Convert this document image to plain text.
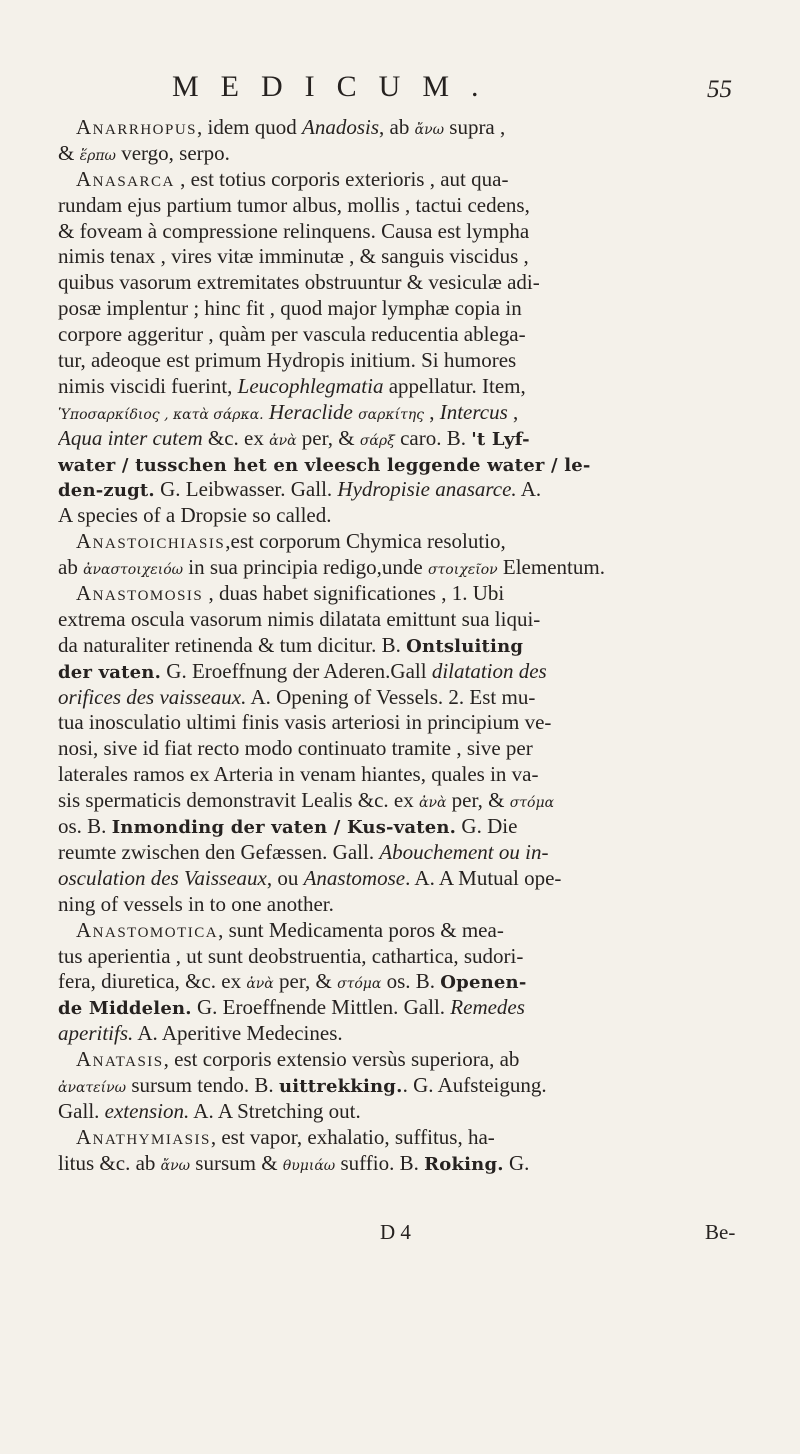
MEDICUM.	55
Anarrhopus, idem quod Anadosis, ab ἄνω supra ,
& ἕρπω vergo, serpo.
Anasarca , est totius corporis exterioris , aut qua-
rundam ejus partium tumor albus, mollis , tactui cedens,
& foveam à compressione relinquens. Causa est lympha
nimis tenax , vires vitæ imminutæ , & sanguis viscidus ,
quibus vasorum extremitates obstruuntur & vesiculæ adi-
posæ implentur ; hinc fit , quod major lymphæ copia in
corpore aggeritur , quàm per vascula reducentia ablega-
tur, adeoque est primum Hydropis initium. Si humores
nimis viscidi fuerint, Leucophlegmatia appellatur. Item,
Ὑποσαρκίδιος , κατὰ σάρκα. Heraclide σαρκίτης , Intercus ,
Aqua inter cutem &c. ex ἀνὰ per, & σάρξ caro. B. 't Lyf-
water / tusschen het en vleesch leggende water / le-
den-zugt. G. Leibwasser. Gall. Hydropisie anasarce. A.
A species of a Dropsie so called.
Anastoichiasis,est corporum Chymica resolutio,
ab ἀναστοιχειόω in sua principia redigo,unde στοιχεῖον Elementum.
Anastomosis , duas habet significationes , 1. Ubi
extrema oscula vasorum nimis dilatata emittunt sua liqui-
da naturaliter retinenda & tum dicitur. B. Ontsluiting
der vaten. G. Eroeffnung der Aderen.Gall dilatation des
orifices des vaisseaux. A. Opening of Vessels. 2. Est mu-
tua inosculatio ultimi finis vasis arteriosi in principium ve-
nosi, sive id fiat recto modo continuato tramite , sive per
laterales ramos ex Arteria in venam hiantes, quales in va-
sis spermaticis demonstravit Lealis &c. ex ἀνὰ per, & στόμα
os. B. Inmonding der vaten / Kus-vaten. G. Die
reumte zwischen den Gefæssen. Gall. Abouchement ou in-
osculation des Vaisseaux, ou Anastomose. A. A Mutual ope-
ning of vessels in to one another.
Anastomotica, sunt Medicamenta poros & mea-
tus aperientia , ut sunt deobstruentia, cathartica, sudori-
fera, diuretica, &c. ex ἀνὰ per, & στόμα os. B. Openen-
de Middelen. G. Eroeffnende Mittlen. Gall. Remedes
aperitifs. A. Aperitive Medecines.
Anatasis, est corporis extensio versùs superiora, ab
ἀνατείνω sursum tendo. B. uittrekking.. G. Aufsteigung.
Gall. extension. A. A Stretching out.
Anathymiasis, est vapor, exhalatio, suffitus, ha-
litus &c. ab ἄνω sursum & θυμιάω suffio. B. Roking. G.
D 4	Be-
